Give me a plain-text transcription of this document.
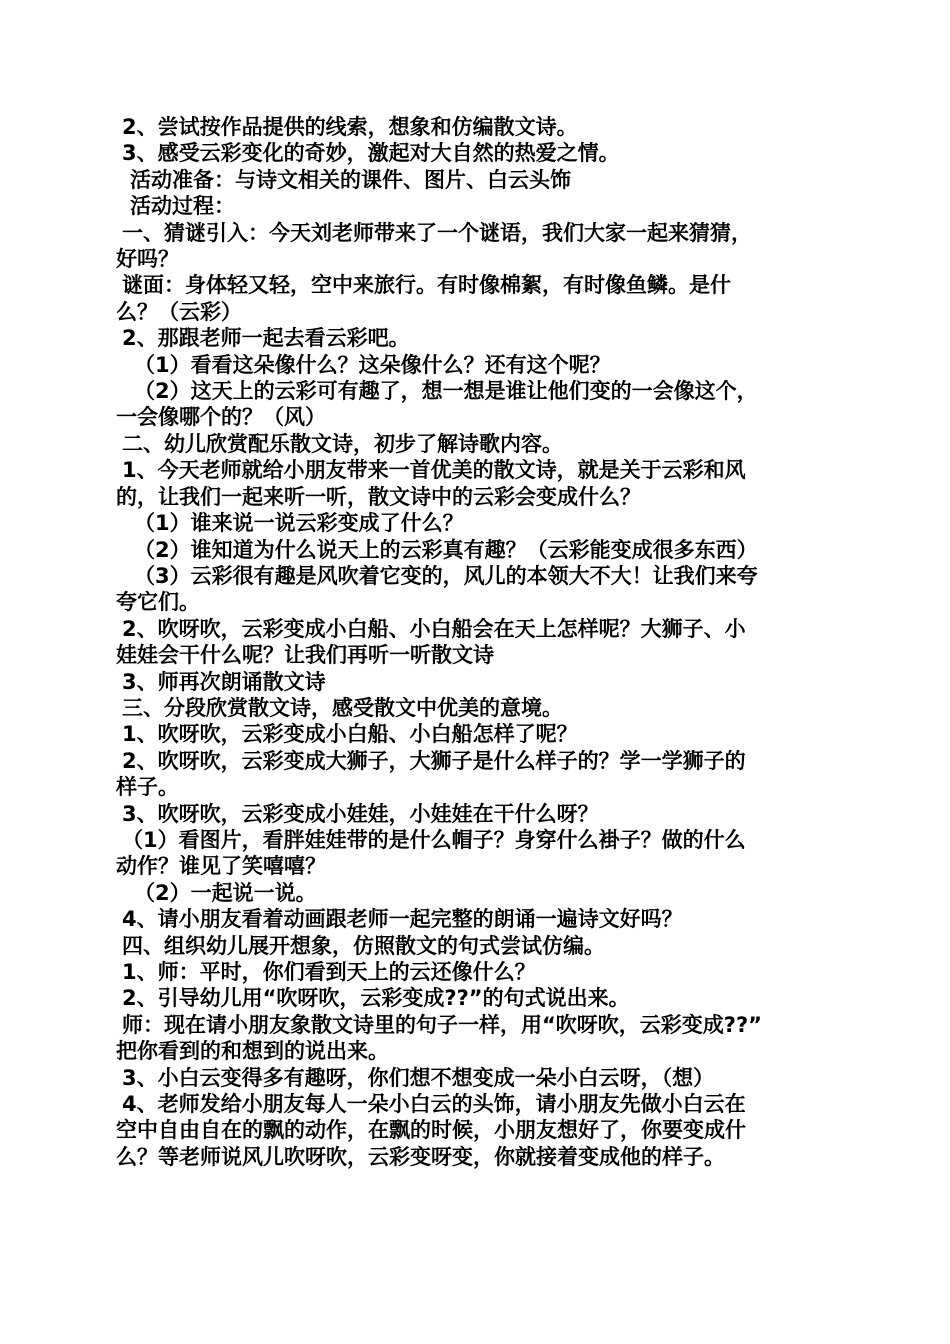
2、尝试按作品提供的线索，想象和仿编散文诗。
3、感受云彩变化的奇妙，激起对大自然的热爱之情。
活动准备：与诗文相关的课件、图片、白云头饰
活动过程：
一、猜谜引入：今天刘老师带来了一个谜语，我们大家一起来猜猜，
好吗？
谜面：身体轻又轻，空中来旅行。有时像棉絮，有时像鱼鳞。是什
么？（云彩）
2、那跟老师一起去看云彩吧。
（1）看看这朵像什么？这朵像什么？还有这个呢？
（2）这天上的云彩可有趣了，想一想是谁让他们变的一会像这个，
一会像哪个的？（风）
二、幼儿欣赏配乐散文诗，初步了解诗歌内容。
1、今天老师就给小朋友带来一首优美的散文诗，就是关于云彩和风
的，让我们一起来听一听，散文诗中的云彩会变成什么？
（1）谁来说一说云彩变成了什么？
（2）谁知道为什么说天上的云彩真有趣？（云彩能变成很多东西）
（3）云彩很有趣是风吹着它变的，风儿的本领大不大！让我们来夸
夸它们。
2、吹呀吹，云彩变成小白船、小白船会在天上怎样呢？大狮子、小
娃娃会干什么呢？让我们再听一听散文诗
3、师再次朗诵散文诗
三、分段欣赏散文诗，感受散文中优美的意境。
1、吹呀吹，云彩变成小白船、小白船怎样了呢？
2、吹呀吹，云彩变成大狮子，大狮子是什么样子的？学一学狮子的
样子。
3、吹呀吹，云彩变成小娃娃，小娃娃在干什么呀？
（1）看图片，看胖娃娃带的是什么帽子？身穿什么褂子？做的什么
动作？谁见了笑嘻嘻？
（2）一起说一说。
4、请小朋友看着动画跟老师一起完整的朗诵一遍诗文好吗？
四、组织幼儿展开想象，仿照散文的句式尝试仿编。
1、师：平时，你们看到天上的云还像什么？
2、引导幼儿用“吹呀吹，云彩变成??”的句式说出来。
师：现在请小朋友象散文诗里的句子一样，用“吹呀吹，云彩变成??”
把你看到的和想到的说出来。
3、小白云变得多有趣呀，你们想不想变成一朵小白云呀，（想）
4、老师发给小朋友每人一朵小白云的头饰，请小朋友先做小白云在
空中自由自在的飘的动作，在飘的时候，小朋友想好了，你要变成什
么？等老师说风儿吹呀吹，云彩变呀变，你就接着变成他的样子。
